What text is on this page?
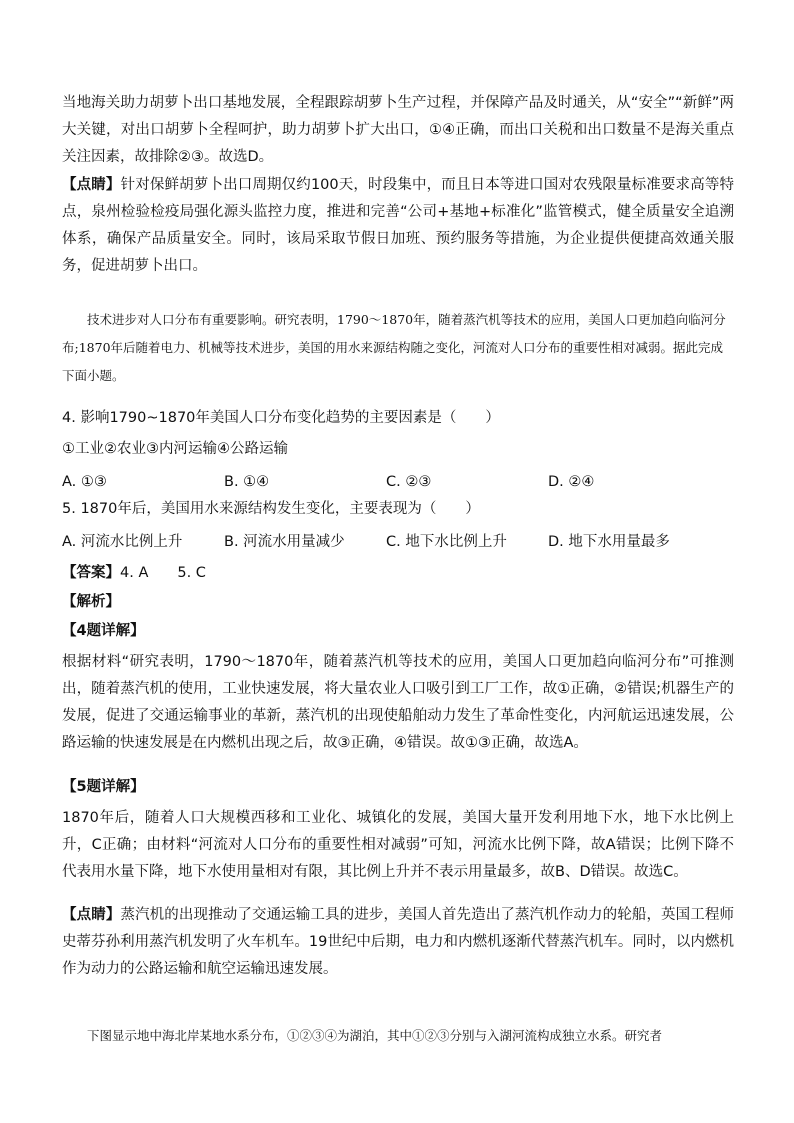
当地海关助力胡萝卜出口基地发展，全程跟踪胡萝卜生产过程，并保障产品及时通关，从“安全”“新鲜”两大关键，对出口胡萝卜全程呵护，助力胡萝卜扩大出口，①④正确，而出口关税和出口数量不是海关重点关注因素，故排除②③。故选D。

【点睛】针对保鲜胡萝卜出口周期仅约100天，时段集中，而且日本等进口国对农残限量标准要求高等特点，泉州检验检疫局强化源头监控力度，推进和完善“公司+基地+标准化”监管模式，健全质量安全追溯体系，确保产品质量安全。同时，该局采取节假日加班、预约服务等措施，为企业提供便捷高效通关服务，促进胡萝卜出口。

技术进步对人口分布有重要影响。研究表明，1790～1870年，随着蒸汽机等技术的应用，美国人口更加趋向临河分布;1870年后随着电力、机械等技术进步，美国的用水来源结构随之变化，河流对人口分布的重要性相对减弱。据此完成下面小题。

4. 影响1790~1870年美国人口分布变化趋势的主要因素是（　　）

①工业②农业③内河运输④公路运输

A. ①③	B. ①④	C. ②③	D. ②④

5. 1870年后，美国用水来源结构发生变化，主要表现为（　　）

A. 河流水比例上升	B. 河流水用量减少	C. 地下水比例上升	D. 地下水用量最多

【答案】4. A　　5. C

【解析】

【4题详解】

根据材料“研究表明，1790～1870年，随着蒸汽机等技术的应用，美国人口更加趋向临河分布”可推测出，随着蒸汽机的使用，工业快速发展，将大量农业人口吸引到工厂工作，故①正确，②错误;机器生产的发展，促进了交通运输事业的革新，蒸汽机的出现使船舶动力发生了革命性变化，内河航运迅速发展，公路运输的快速发展是在内燃机出现之后，故③正确，④错误。故①③正确，故选A。

【5题详解】

1870年后，随着人口大规模西移和工业化、城镇化的发展，美国大量开发利用地下水，地下水比例上升，C正确；由材料“河流对人口分布的重要性相对减弱”可知，河流水比例下降，故A错误；比例下降不代表用水量下降，地下水使用量相对有限，其比例上升并不表示用量最多，故B、D错误。故选C。

【点睛】蒸汽机的出现推动了交通运输工具的进步，美国人首先造出了蒸汽机作动力的轮船，英国工程师史蒂芬孙利用蒸汽机发明了火车机车。19世纪中后期，电力和内燃机逐渐代替蒸汽机车。同时，以内燃机作为动力的公路运输和航空运输迅速发展。

下图显示地中海北岸某地水系分布，①②③④为湖泊，其中①②③分别与入湖河流构成独立水系。研究者
